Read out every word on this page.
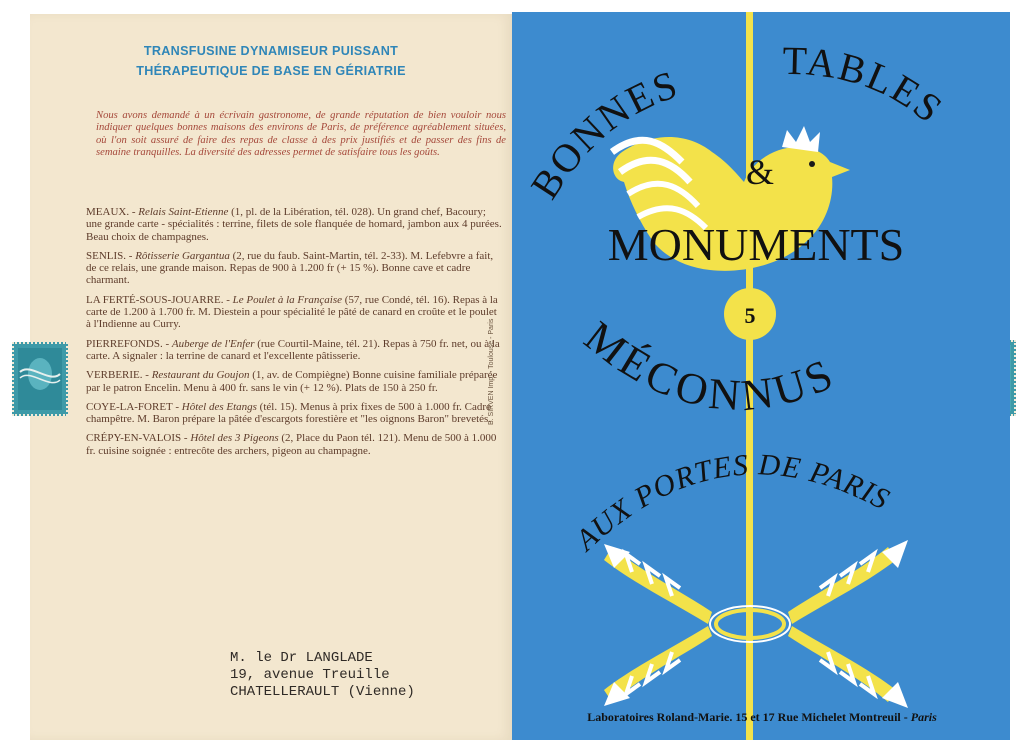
TRANSFUSINE DYNAMISEUR PUISSANT
THÉRAPEUTIQUE DE BASE EN GÉRIATRIE
Nous avons demandé à un écrivain gastronome, de grande réputation de bien vouloir nous indiquer quelques bonnes maisons des environs de Paris, de préférence agréablement situées, où l'on soit assuré de faire des repas de classe à des prix justifiés et de passer des fins de semaine tranquilles. La diversité des adresses permet de satisfaire tous les goûts.
MEAUX. - Relais Saint-Etienne (1, pl. de la Libération, tél. 028). Un grand chef, Bacoury; une grande carte - spécialités : terrine, filets de sole flanquée de homard, jambon aux 4 purées. Beau choix de champagnes.
SENLIS. - Rôtisserie Gargantua (2, rue du faub. Saint-Martin, tél. 2-33). M. Lefebvre a fait, de ce relais, une grande maison. Repas de 900 à 1.200 fr (+ 15 %). Bonne cave et cadre charmant.
LA FERTÉ-SOUS-JOUARRE. - Le Poulet à la Française (57, rue Condé, tél. 16). Repas à la carte de 1.200 à 1.700 fr. M. Diestein a pour spécialité le pâté de canard en croûte et le poulet à l'Indienne au Curry.
PIERREFONDS. - Auberge de l'Enfer (rue Courtil-Maine, tél. 21). Repas à 750 fr. net, ou à la carte. A signaler : la terrine de canard et l'excellente pâtisserie.
VERBERIE. - Restaurant du Goujon (1, av. de Compiègne) Bonne cuisine familiale préparée par le patron Encelin. Menu à 400 fr. sans le vin (+ 12 %). Plats de 150 à 250 fr.
COYE-LA-FORET - Hôtel des Etangs (tél. 15). Menus à prix fixes de 500 à 1.000 fr. Cadre champêtre. M. Baron prépare la pâtée d'escargots forestière et "les oignons Baron" brevetés.
CRÉPY-EN-VALOIS - Hôtel des 3 Pigeons (2, Place du Paon tél. 121). Menu de 500 à 1.000 fr. cuisine soignée : entrecôte des archers, pigeon au champagne.
M. le Dr LANGLADE
19, avenue Treuille
CHATELLERAULT (Vienne)
B. SIRVEN Imp. - Toulouse - Paris
BONNES
TABLES
&
MONUMENTS
5
MÉCONNUS
AUX PORTES DE PARIS
Laboratoires Roland-Marie. 15 et 17 Rue Michelet Montreuil - Paris
